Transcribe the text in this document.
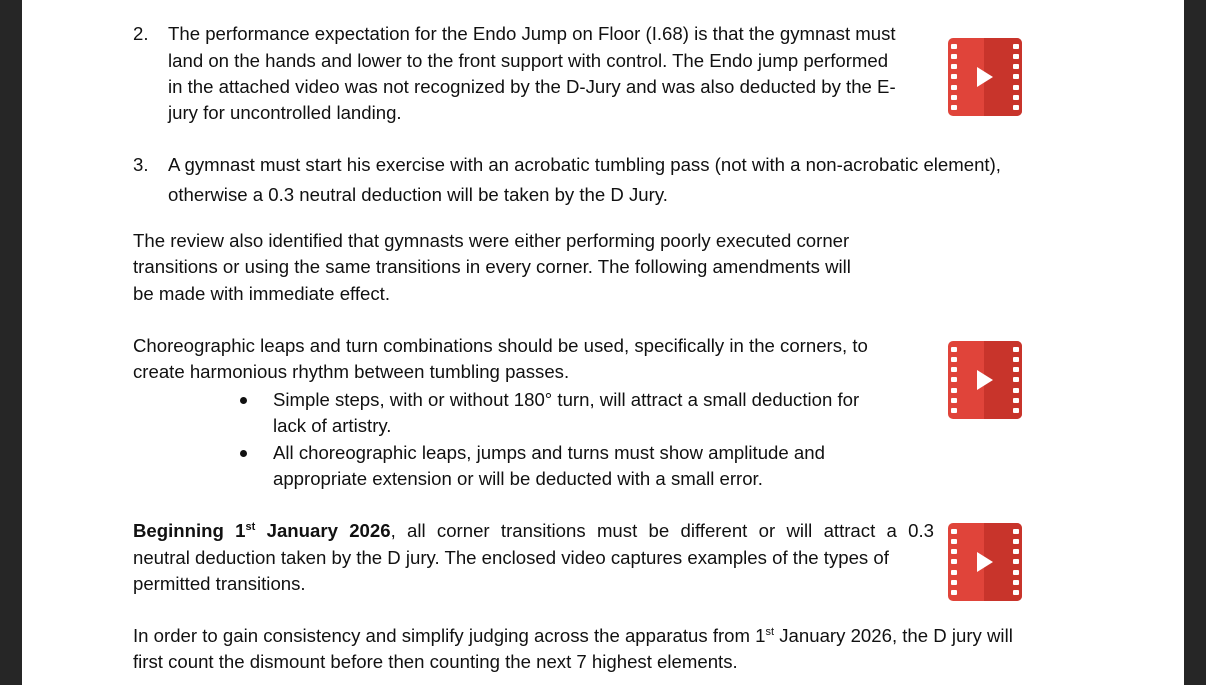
2. The performance expectation for the Endo Jump on Floor (I.68) is that the gymnast must
land on the hands and lower to the front support with control. The Endo jump performed
in the attached video was not recognized by the D-Jury and was also deducted by the E-
jury for uncontrolled landing.
3. A gymnast must start his exercise with an acrobatic tumbling pass (not with a non-acrobatic element),
otherwise a 0.3 neutral deduction will be taken by the D Jury.
The review also identified that gymnasts were either performing poorly executed corner
transitions or using the same transitions in every corner. The following amendments will
be made with immediate effect.
Choreographic leaps and turn combinations should be used, specifically in the corners, to
create harmonious rhythm between tumbling passes.
Simple steps, with or without 180° turn, will attract a small deduction for
lack of artistry.
All choreographic leaps, jumps and turns must show amplitude and
appropriate extension or will be deducted with a small error.
Beginning 1st January 2026, all corner transitions must be different or will attract a 0.3
neutral deduction taken by the D jury. The enclosed video captures examples of the types of
permitted transitions.
In order to gain consistency and simplify judging across the apparatus from 1st January 2026, the D jury will
first count the dismount before then counting the next 7 highest elements.
